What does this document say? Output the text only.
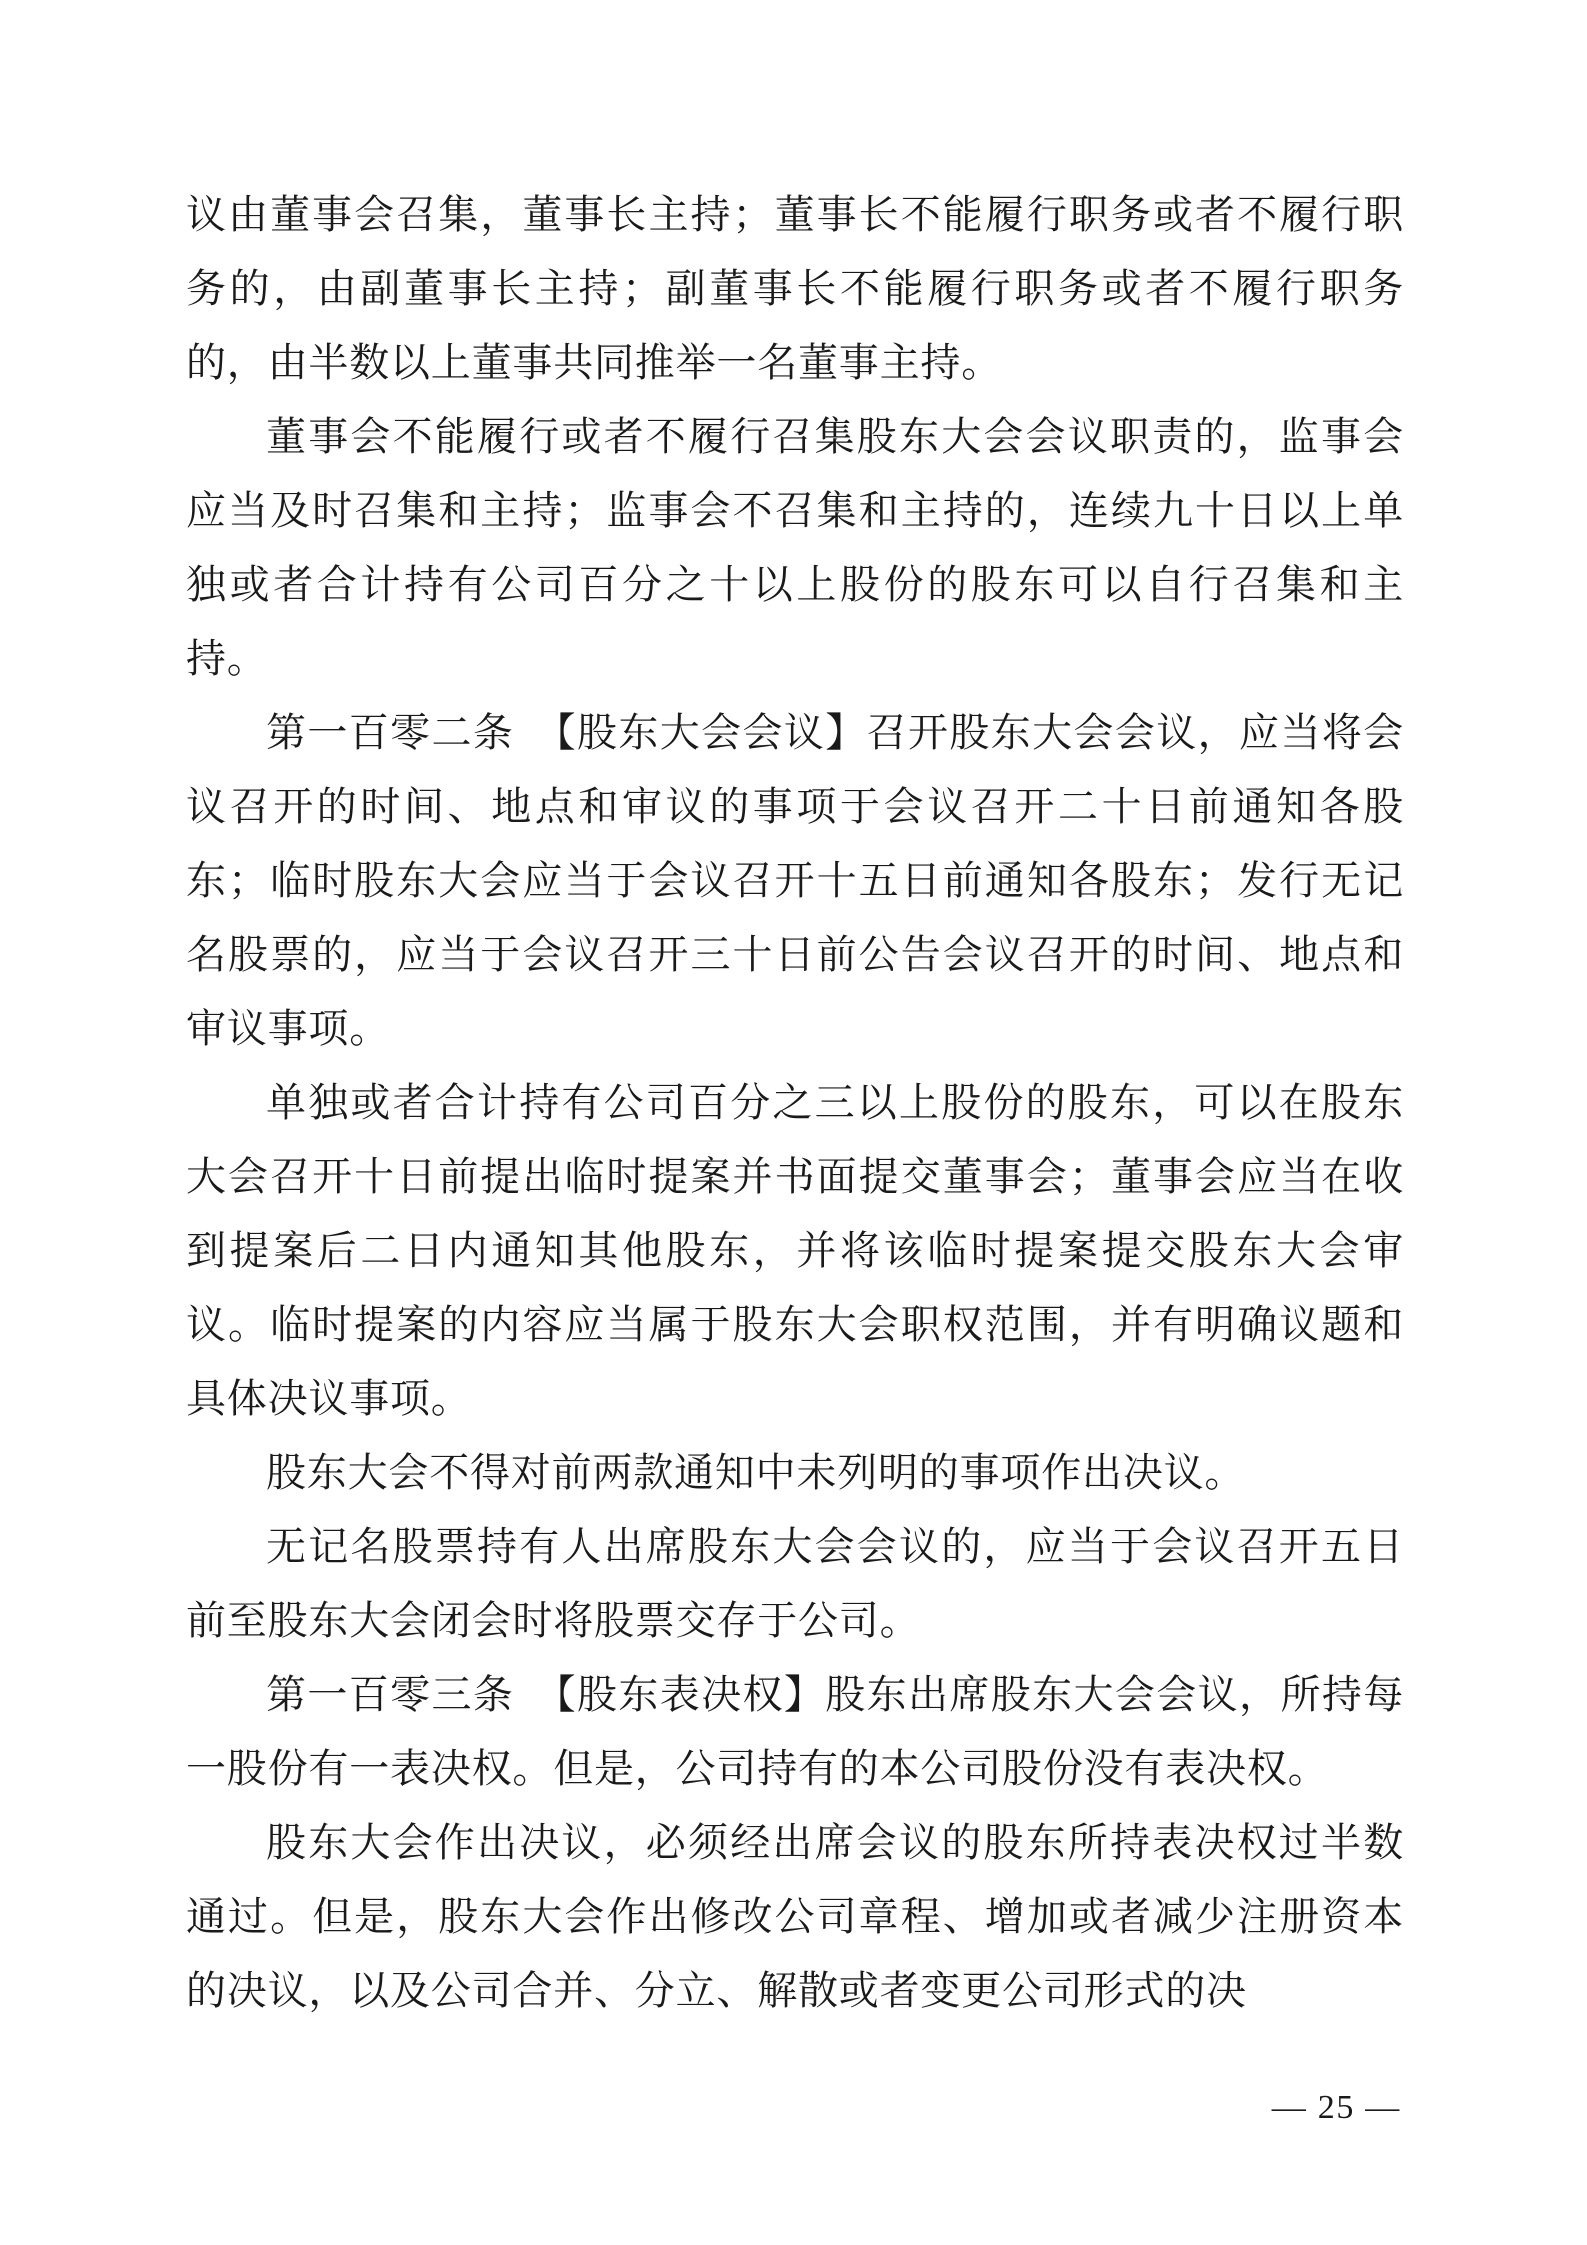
议由董事会召集，董事长主持；董事长不能履行职务或者不履行职务的，由副董事长主持；副董事长不能履行职务或者不履行职务的，由半数以上董事共同推举一名董事主持。

董事会不能履行或者不履行召集股东大会会议职责的，监事会应当及时召集和主持；监事会不召集和主持的，连续九十日以上单独或者合计持有公司百分之十以上股份的股东可以自行召集和主持。

第一百零二条　【股东大会会议】召开股东大会会议，应当将会议召开的时间、地点和审议的事项于会议召开二十日前通知各股东；临时股东大会应当于会议召开十五日前通知各股东；发行无记名股票的，应当于会议召开三十日前公告会议召开的时间、地点和审议事项。

单独或者合计持有公司百分之三以上股份的股东，可以在股东大会召开十日前提出临时提案并书面提交董事会；董事会应当在收到提案后二日内通知其他股东，并将该临时提案提交股东大会审议。临时提案的内容应当属于股东大会职权范围，并有明确议题和具体决议事项。

股东大会不得对前两款通知中未列明的事项作出决议。

无记名股票持有人出席股东大会会议的，应当于会议召开五日前至股东大会闭会时将股票交存于公司。

第一百零三条　【股东表决权】股东出席股东大会会议，所持每一股份有一表决权。但是，公司持有的本公司股份没有表决权。

股东大会作出决议，必须经出席会议的股东所持表决权过半数通过。但是，股东大会作出修改公司章程、增加或者减少注册资本的决议，以及公司合并、分立、解散或者变更公司形式的决

— 25 —
